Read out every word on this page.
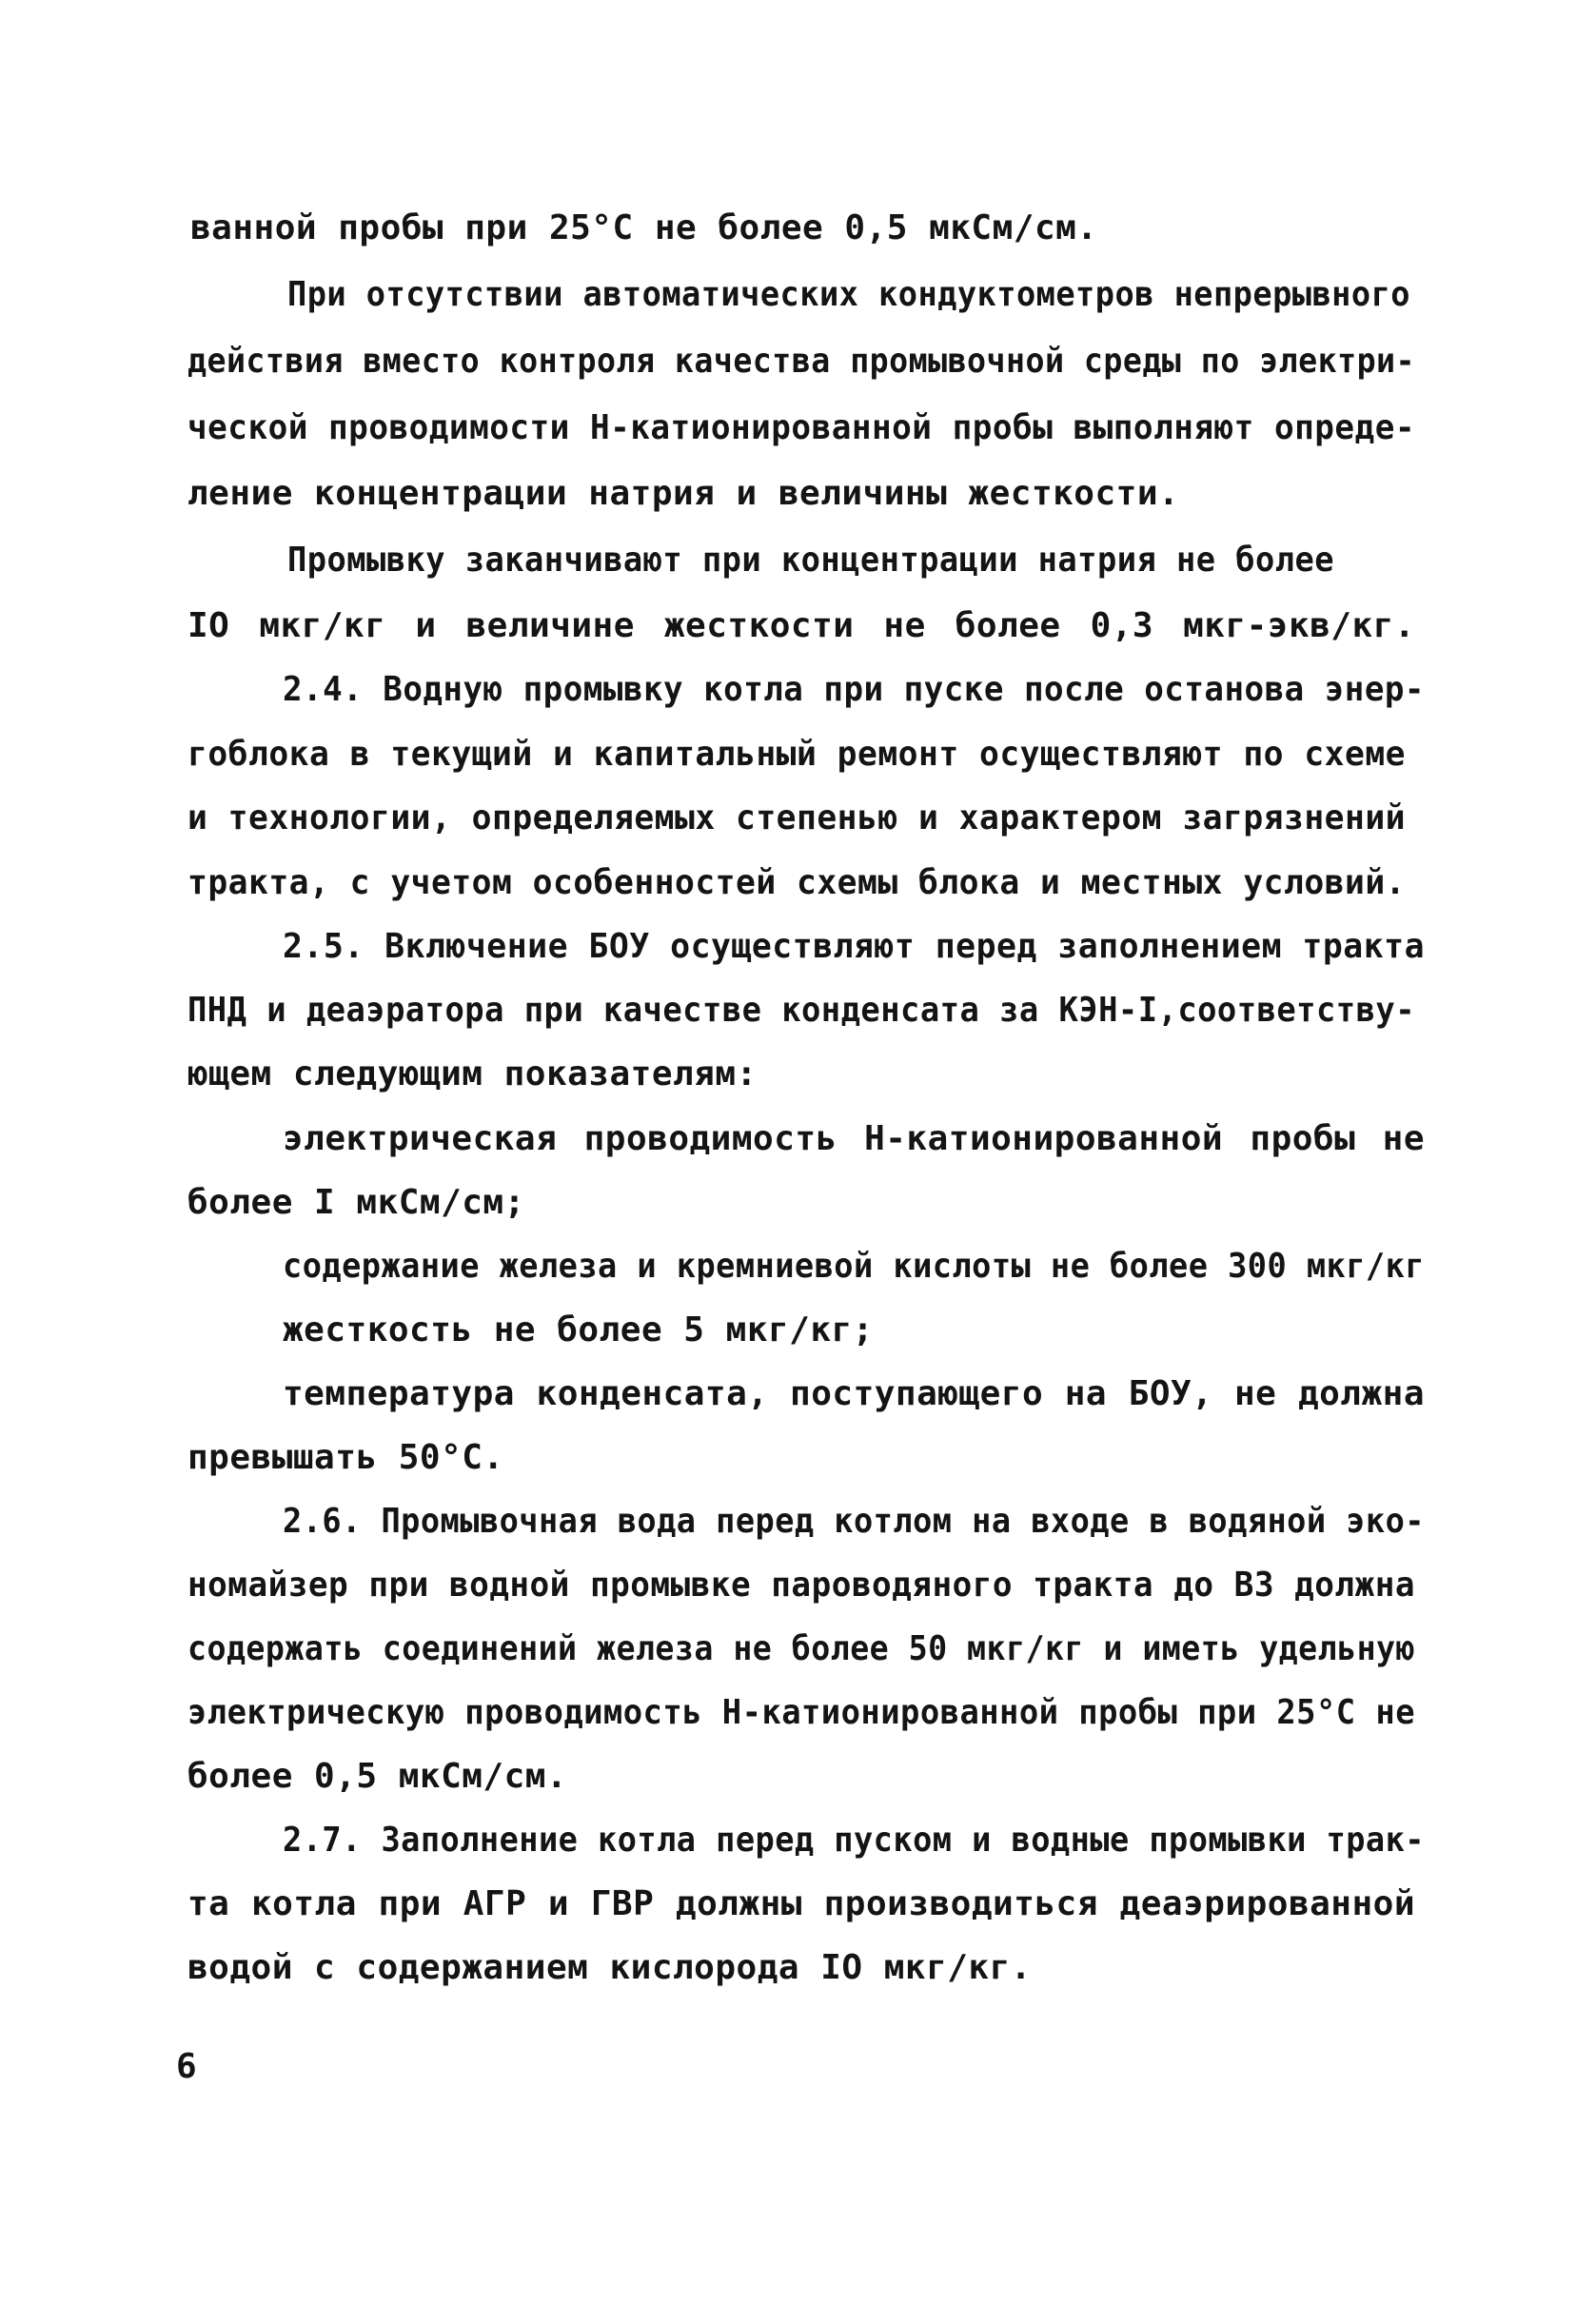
ванной пробы при 25°С не более 0,5 мкСм/см.
При отсутствии автоматических кондуктометров непрерывного
действия вместо контроля качества промывочной среды по электри-
ческой проводимости Н-катионированной пробы выполняют опреде-
ление концентрации натрия и величины жесткости.
Промывку заканчивают при концентрации натрия не более
IO мкг/кг и величине жесткости не более 0,3 мкг-экв/кг.
2.4. Водную промывку котла при пуске после останова энер-
гоблока в текущий и капитальный ремонт осуществляют по схеме
и технологии, определяемых степенью и характером загрязнений
тракта, с учетом особенностей схемы блока и местных условий.
2.5. Включение БОУ осуществляют перед заполнением тракта
ПНД и деаэратора при качестве конденсата за КЭН-I,соответству-
ющем следующим показателям:
электрическая проводимость Н-катионированной пробы не
более I мкСм/см;
содержание железа и кремниевой кислоты не более 300 мкг/кг
жесткость не более 5 мкг/кг;
температура конденсата, поступающего на БОУ, не должна
превышать 50°С.
2.6. Промывочная вода перед котлом на входе в водяной эко-
номайзер при водной промывке пароводяного тракта до ВЗ должна
содержать соединений железа не более 50 мкг/кг и иметь удельную
электрическую проводимость Н-катионированной пробы при 25°С не
более 0,5 мкСм/см.
2.7. Заполнение котла перед пуском и водные промывки трак-
та котла при АГР и ГВР должны производиться деаэрированной
водой с содержанием кислорода IO мкг/кг.
6
